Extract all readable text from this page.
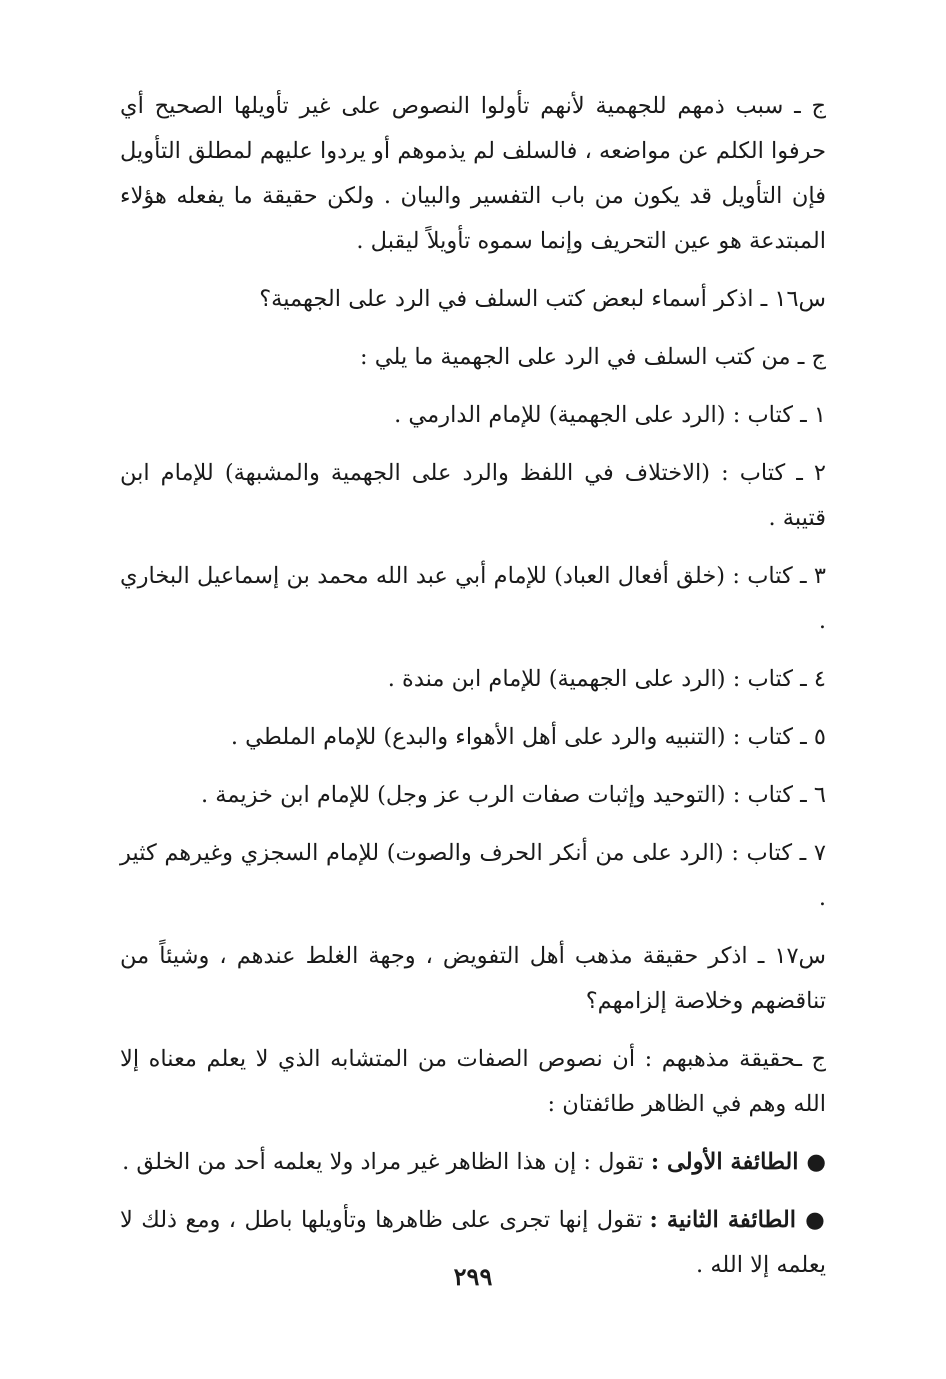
ج ـ سبب ذمهم للجهمية لأنهم تأولوا النصوص على غير تأويلها الصحيح أي حرفوا الكلم عن مواضعه ، فالسلف لم يذموهم أو يردوا عليهم لمطلق التأويل فإن التأويل قد يكون من باب التفسير والبيان . ولكن حقيقة ما يفعله هؤلاء المبتدعة هو عين التحريف وإنما سموه تأويلاً ليقبل .

س١٦ ـ اذكر أسماء لبعض كتب السلف في الرد على الجهمية؟

ج ـ من كتب السلف في الرد على الجهمية ما يلي :

١ ـ كتاب : (الرد على الجهمية) للإمام الدارمي .

٢ ـ كتاب : (الاختلاف في اللفظ والرد على الجهمية والمشبهة) للإمام ابن قتيبة .

٣ ـ كتاب : (خلق أفعال العباد) للإمام أبي عبد الله محمد بن إسماعيل البخاري .

٤ ـ كتاب : (الرد على الجهمية) للإمام ابن مندة .

٥ ـ كتاب : (التنبيه والرد على أهل الأهواء والبدع) للإمام الملطي .

٦ ـ كتاب : (التوحيد وإثبات صفات الرب عز وجل) للإمام ابن خزيمة .

٧ ـ كتاب : (الرد على من أنكر الحرف والصوت) للإمام السجزي وغيرهم كثير .

س١٧ ـ اذكر حقيقة مذهب أهل التفويض ، وجهة الغلط عندهم ، وشيئاً من تناقضهم وخلاصة إلزامهم؟

ج ـحقيقة مذهبهم : أن نصوص الصفات من المتشابه الذي لا يعلم معناه إلا الله وهم في الظاهر طائفتان :

● الطائفة الأولى : تقول : إن هذا الظاهر غير مراد ولا يعلمه أحد من الخلق .

● الطائفة الثانية : تقول إنها تجرى على ظاهرها وتأويلها باطل ، ومع ذلك لا يعلمه إلا الله .

٢٩٩
